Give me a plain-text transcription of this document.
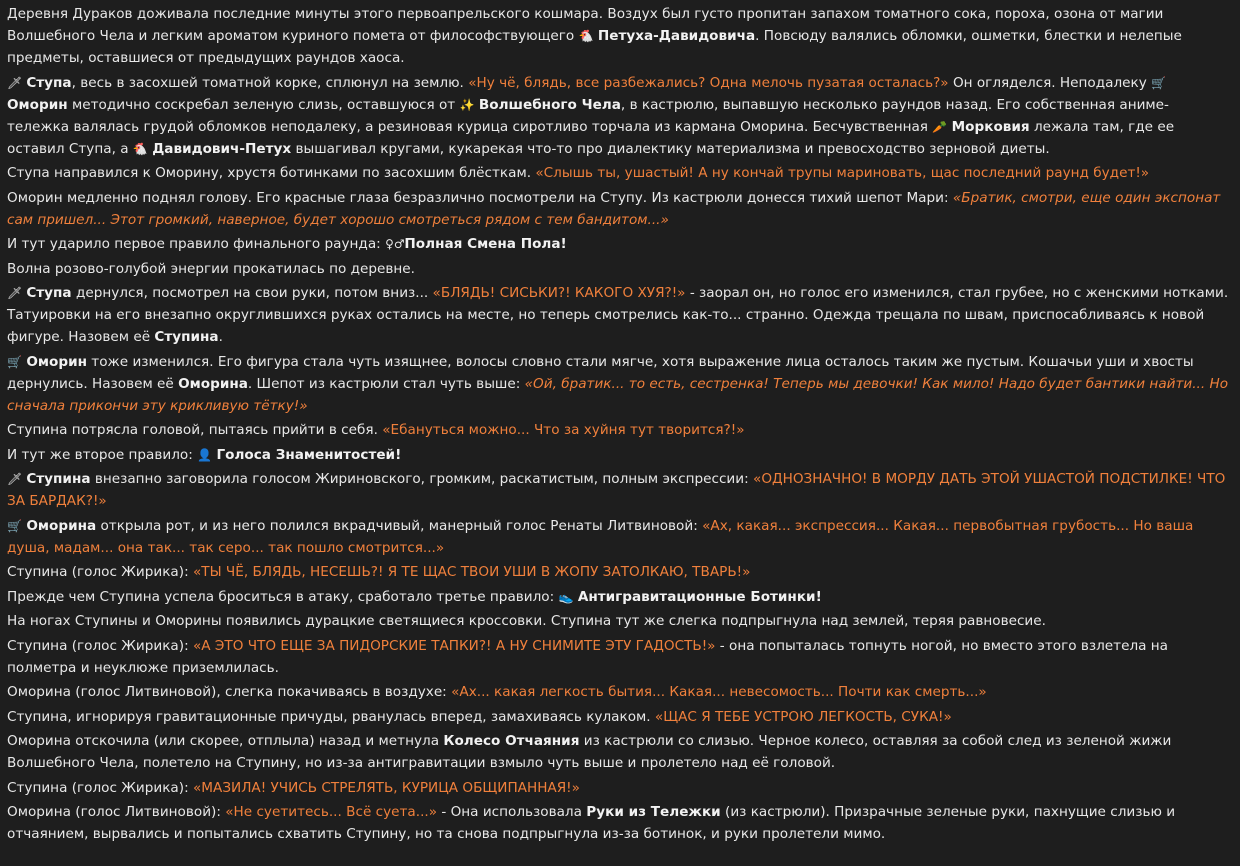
Деревня Дураков доживала последние минуты этого первоапрельского кошмара. Воздух был густо пропитан запахом томатного сока, пороха, озона от магии Волшебного Чела и легким ароматом куриного помета от философствующего 🐔 Петуха-Давидовича. Повсюду валялись обломки, ошметки, блестки и нелепые предметы, оставшиеся от предыдущих раундов хаоса.
🗡 Ступа, весь в засохшей томатной корке, сплюнул на землю. «Ну чё, блядь, все разбежались? Одна мелочь пузатая осталась?» Он огляделся. Неподалеку 🛒 Оморин методично соскребал зеленую слизь, оставшуюся от ✨ Волшебного Чела, в кастрюлю, выпавшую несколько раундов назад. Его собственная аниме-тележка валялась грудой обломков неподалеку, а резиновая курица сиротливо торчала из кармана Оморина. Бесчувственная 🥕 Морковия лежала там, где ее оставил Ступа, а 🐔 Давидович-Петух вышагивал кругами, кукарекая что-то про диалектику материализма и превосходство зерновой диеты.
Ступа направился к Оморину, хрустя ботинками по засохшим блёсткам. «Слышь ты, ушастый! А ну кончай трупы мариновать, щас последний раунд будет!»
Оморин медленно поднял голову. Его красные глаза безразлично посмотрели на Ступу. Из кастрюли донесся тихий шепот Мари: «Братик, смотри, еще один экспонат сам пришел... Этот громкий, наверное, будет хорошо смотреться рядом с тем бандитом...»
И тут ударило первое правило финального раунда: ♀♂ Полная Смена Пола!
Волна розово-голубой энергии прокатилась по деревне.
🗡 Ступа дернулся, посмотрел на свои руки, потом вниз... «БЛЯДЬ! СИСЬКИ?! КАКОГО ХУЯ?!» - заорал он, но голос его изменился, стал грубее, но с женскими нотками. Татуировки на его внезапно округлившихся руках остались на месте, но теперь смотрелись как-то... странно. Одежда трещала по швам, приспосабливаясь к новой фигуре. Назовем её Ступина.
🛒 Оморин тоже изменился. Его фигура стала чуть изящнее, волосы словно стали мягче, хотя выражение лица осталось таким же пустым. Кошачьи уши и хвосты дернулись. Назовем её Оморина. Шепот из кастрюли стал чуть выше: «Ой, братик... то есть, сестренка! Теперь мы девочки! Как мило! Надо будет бантики найти... Но сначала прикончи эту крикливую тётку!»
Ступина потрясла головой, пытаясь прийти в себя. «Ебануться можно... Что за хуйня тут творится?!»
И тут же второе правило: 👤 Голоса Знаменитостей!
🗡 Ступина внезапно заговорила голосом Жириновского, громким, раскатистым, полным экспрессии: «ОДНОЗНАЧНО! В МОРДУ ДАТЬ ЭТОЙ УШАСТОЙ ПОДСТИЛКЕ! ЧТО ЗА БАРДАК?!»
🛒 Оморина открыла рот, и из него полился вкрадчивый, манерный голос Ренаты Литвиновой: «Ах, какая... экспрессия... Какая... первобытная грубость... Но ваша душа, мадам... она так... так серо... так пошло смотрится...»
Ступина (голос Жирика): «ТЫ ЧЁ, БЛЯДЬ, НЕСЕШЬ?! Я ТЕ ЩАС ТВОИ УШИ В ЖОПУ ЗАТОЛКАЮ, ТВАРЬ!»
Прежде чем Ступина успела броситься в атаку, сработало третье правило: 👟 Антигравитационные Ботинки!
На ногах Ступины и Оморины появились дурацкие светящиеся кроссовки. Ступина тут же слегка подпрыгнула над землей, теряя равновесие.
Ступина (голос Жирика): «А ЭТО ЧТО ЕЩЕ ЗА ПИДОРСКИЕ ТАПКИ?! А НУ СНИМИТЕ ЭТУ ГАДОСТЬ!» - она попыталась топнуть ногой, но вместо этого взлетела на полметра и неуклюже приземлилась.
Оморина (голос Литвиновой), слегка покачиваясь в воздухе: «Ах... какая легкость бытия... Какая... невесомость... Почти как смерть...»
Ступина, игнорируя гравитационные причуды, рванулась вперед, замахиваясь кулаком. «ЩАС Я ТЕБЕ УСТРОЮ ЛЕГКОСТЬ, СУКА!»
Оморина отскочила (или скорее, отплыла) назад и метнула Колесо Отчаяния из кастрюли со слизью. Черное колесо, оставляя за собой след из зеленой жижи Волшебного Чела, полетело на Ступину, но из-за антигравитации взмыло чуть выше и пролетело над её головой.
Ступина (голос Жирика): «МАЗИЛА! УЧИСЬ СТРЕЛЯТЬ, КУРИЦА ОБЩИПАННАЯ!»
Оморина (голос Литвиновой): «Не суетитесь... Всё суета...» - Она использовала Руки из Тележки (из кастрюли). Призрачные зеленые руки, пахнущие слизью и отчаянием, вырвались и попытались схватить Ступину, но та снова подпрыгнула из-за ботинок, и руки пролетели мимо.
